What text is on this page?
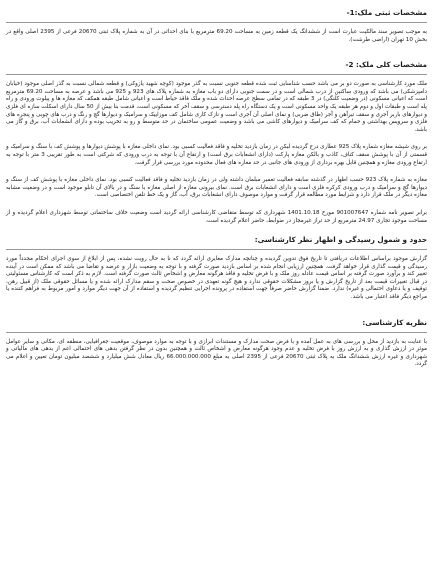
مشخصات ثبتی ملک:1-

به موجب تصویر سند مالکیت عبارت است از ششدانگ یک قطعه زمین به مساحت 69.20 مترمربع با بنای احداثی در آن به شماره پلاک ثبتی 20670 فرعی از 2395 اصلی واقع در بخش 10 تهران (اراضی طرشت).

مشخصات کلی ملک: 2-

ملک مورد کارشناسی به صورت دو بر می باشد حسب شناسایی ثبت شده قطعه جنوبی نسبت به گذر موجود (کوچه شهید یازوکی) و قطعه شمالی نسبت به گذر اصلی موجود (خیابان دامپزشکی) می باشد که ورودی ساکنین از درب شمالی است و در سمت جنوبی دارای دو باب مغازه به شماره پلاک های 923 و 925 می باشد و عرصه به مساحت 69.20 مترمربع است که اعیانی مسکونی (در وضعیت کلنگی) در 3 طبقه که در تمامی سطح عرصه احداث شده و ملک فاقد حیاط است و اعیانی شامل طبقه همکف که مغازه ها و پیلوت ورودی و راه پله است و طبقات اول و دوم هر طبقه یک واحد مسکونی است و یک دستگاه راه پله دسترسی و سقف آخر که مسکونی است، قدمت بنا بیش از 50 سال دارای اسکلت سازه ای فلزی و دیوارهای باربر آجری و سقف تیرآهن و آجر (طاق ضربی) و نمای اصلی آن آجری است و نازک کاری شامل کف موزاییک و سرامیک و دیوارها گچ و رنگ و درب های چوبی و پنجره های فلزی و سرویس بهداشتی و حمام که کف سرامیک و دیوارهای کاشی می باشد و وضعیت عمومی ساختمان در حد متوسط و رو به تخریب بوده و دارای انشعابات آب، برق و گاز می باشد.

بر روی شیشه مغازه شماره پلاک 925 عطاری درج گردیده لیکن در زمان بازدید تخلیه و فاقد فعالیت کسبی بود. نمای داخلی مغازه با پوشش دیوارها و پوشش کف با سنگ و سرامیک و قسمتی از آن با پوشش سقف کناف، کاذب و بالکن مغازه پارکت (دارای انشعابات برق است) و ارتفاع آن با توجه به درب ورودی که شرکتی است به طور تقریبی 3 متر با توجه به ارتفاع ورودی مغازه و همچنین قابل بهره برداری از ورودی های جانبی در حد مغازه های فعال محدوده مورد بررسی قرار گرفت.

مغازه به شماره پلاک 923 حسب اظهار در گذشته سابقه فعالیت تعمیر مبلمان داشته ولی در زمان بازدید تخلیه و فاقد فعالیت کسبی بود. نمای داخلی مغازه با پوشش کف از سنگ و دیوارها گچ و سرامیک و درب ورودی کرکره فلزی است و دارای انشعابات برق است. نمای بیرونی مغازه از اصلی مغازه با سنگ و در بالای آن تابلو موجود است و در وضعیت مشابه مغازه دیگر در ملک قرار دارد و شرایط مورد مطالعه قرار گرفت و موارد موصوف دارای انشعابات برق، آب، گاز و یک خط تلفن اختصاصی است.

برابر تصویر نامه شماره 901007647 مورخ 1401.10.18 شهرداری که توسط متقاضی کارشناسی ارائه گردید است وضعیت خلاف ساختمانی توسط شهرداری اعلام گردیده و از مساحت موجود تجاری 24.97 مترمربع از حد تراز غیرمجاز در ضوابط، حاضر اعلام گردیده است.

حدود و شمول رسیدگی و اظهار نظر کارشناسی:

گزارش موجود براساس اطلاعات دریافتی تا تاریخ فوق تدوین گردیده و چنانچه مدارک مغایری ارائه گردد که نا به حال رویت نشده، پس از ابلاغ از سوی اجرای احکام مجدداً مورد رسیدگی و قیمت گذاری قرار خواهد گرفت. همچنین ارزیابی انجام شده بر اساس بازدید صورت گرفته و با توجه به وضعیت بازار و عرضه و تقاضا می باشد که ممکن است در آینده تغییر کند و برآورد صورت گرفته بر اساس قیمت عادله روز ملک و با فرض تخلیه و فاقد هرگونه معارض و اشخاص ثالث صورت گرفته است. لازم به ذکر است که کارشناس مسئولیتی در قبال تغییرات قیمت بعد از تاریخ گزارش و یا بروز مشکلات حقوقی ندارد و هیچ گونه تعهدی در خصوص صحت و سقم مدارک ارائه شده و یا مسائل حقوقی ملک (از قبیل رهن، توقیف و یا دعاوی احتمالی و غیره) ندارد. ضمنا گزارش حاضر صرفاً جهت استفاده در پرونده اجرایی تنظیم گردیده و استفاده از آن جهت دیگر موارد و امور مربوط به فراهم کننده یا مراجع دیگر فاقد اعتبار می باشد.

نظریه کارشناسی:

با عنایت به بازدید از محل و بررسی های به عمل آمده و با فرض صحت مدارک و مستندات ابرازی و با توجه به موارد موصوف، موقعیت جغرافیایی، منطقه ای، مکانی و سایر عوامل موثر در ارزش گذاری و به ارزش روز با فرض تخلیه و عدم وجود هرگونه معارض و اشخاص ثالث و همچنین بدون در نظر گرفتن بدهی های احتمالی اعم از بدهی های مالیاتی و شهرداری و غیره ارزش ششدانگ ملک به پلاک ثبتی 20670 فرعی از 2395 اصلی به مبلغ 66.000.000.000 ریال معادل شش میلیارد و ششصد میلیون تومان تعیین و اعلام می گردد.
